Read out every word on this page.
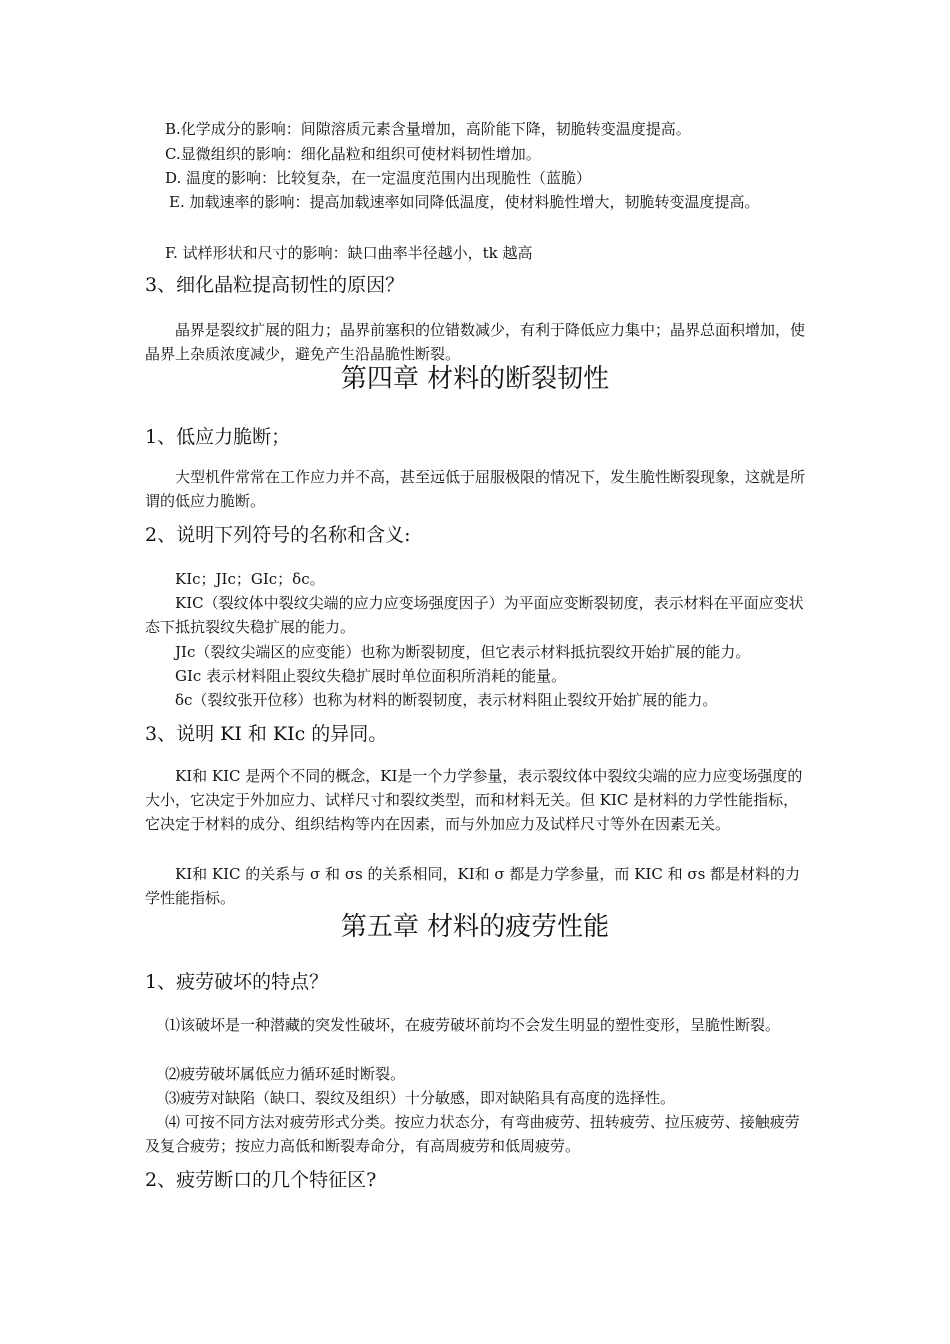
B.化学成分的影响：间隙溶质元素含量增加，高阶能下降，韧脆转变温度提高。

C.显微组织的影响：细化晶粒和组织可使材料韧性增加。

D. 温度的影响：比较复杂，在一定温度范围内出现脆性（蓝脆）

E. 加载速率的影响：提高加载速率如同降低温度，使材料脆性增大，韧脆转变温度提高。

F. 试样形状和尺寸的影响：缺口曲率半径越小，tk 越高

3、细化晶粒提高韧性的原因？

晶界是裂纹扩展的阻力；晶界前塞积的位错数减少，有利于降低应力集中；晶界总面积增加，使晶界上杂质浓度减少，避免产生沿晶脆性断裂。

第四章 材料的断裂韧性
1、低应力脆断；

大型机件常常在工作应力并不高，甚至远低于屈服极限的情况下，发生脆性断裂现象，这就是所谓的低应力脆断。

2、说明下列符号的名称和含义:

KIc；JIc；GIc；δc。

KⅠC（裂纹体中裂纹尖端的应力应变场强度因子）为平面应变断裂韧度，表示材料在平面应变状态下抵抗裂纹失稳扩展的能力。

JⅠc（裂纹尖端区的应变能）也称为断裂韧度，但它表示材料抵抗裂纹开始扩展的能力。

GIc 表示材料阻止裂纹失稳扩展时单位面积所消耗的能量。

δc（裂纹张开位移）也称为材料的断裂韧度，表示材料阻止裂纹开始扩展的能力。

3、说明 KI 和 KIc 的异同。

KⅠ和 KⅠC 是两个不同的概念，KⅠ是一个力学参量，表示裂纹体中裂纹尖端的应力应变场强度的大小，它决定于外加应力、试样尺寸和裂纹类型，而和材料无关。但 KⅠC 是材料的力学性能指标，它决定于材料的成分、组织结构等内在因素，而与外加应力及试样尺寸等外在因素无关。

KⅠ和 KⅠC 的关系与 σ 和 σs 的关系相同，KⅠ和 σ 都是力学参量，而 KⅠC 和 σs 都是材料的力学性能指标。

第五章 材料的疲劳性能
1、疲劳破坏的特点？

⑴该破坏是一种潜藏的突发性破坏，在疲劳破坏前均不会发生明显的塑性变形，呈脆性断裂。

⑵疲劳破坏属低应力循环延时断裂。

⑶疲劳对缺陷（缺口、裂纹及组织）十分敏感，即对缺陷具有高度的选择性。

⑷ 可按不同方法对疲劳形式分类。按应力状态分，有弯曲疲劳、扭转疲劳、拉压疲劳、接触疲劳及复合疲劳；按应力高低和断裂寿命分，有高周疲劳和低周疲劳。

2、疲劳断口的几个特征区?
